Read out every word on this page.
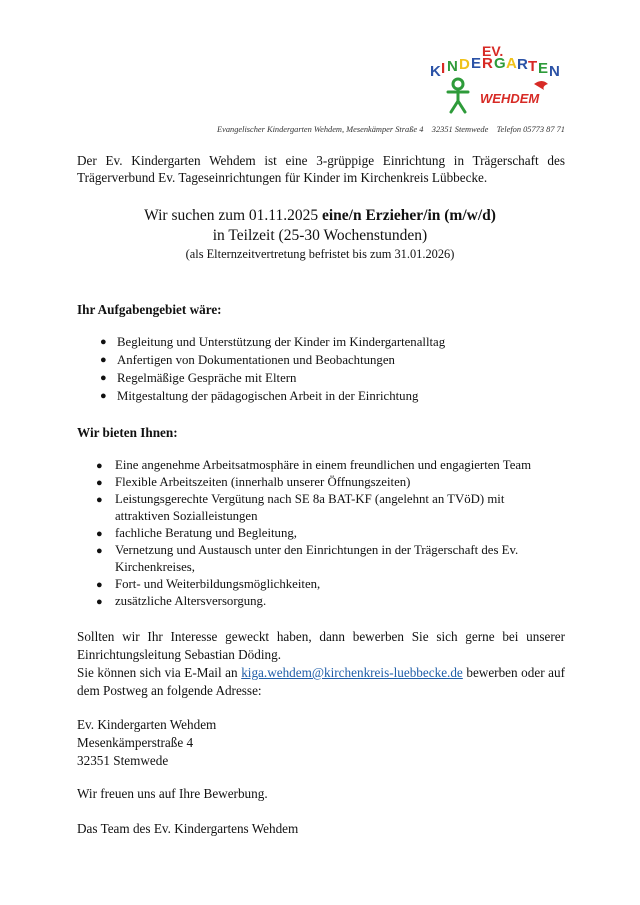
EV.
K I N D E R G A R T E N
WEHDEM
Evangelischer Kindergarten Wehdem, Mesenkämper Straße 4 32351 Stemwede Telefon 05773 87 71
Der Ev. Kindergarten Wehdem ist eine 3-grüppige Einrichtung in Trägerschaft des Trägerverbund Ev. Tageseinrichtungen für Kinder im Kirchenkreis Lübbecke.
Wir suchen zum 01.11.2025 eine/n Erzieher/in (m/w/d)
in Teilzeit (25-30 Wochenstunden)
(als Elternzeitvertretung befristet bis zum 31.01.2026)
Ihr Aufgabengebiet wäre:
● Begleitung und Unterstützung der Kinder im Kindergartenalltag
● Anfertigen von Dokumentationen und Beobachtungen
● Regelmäßige Gespräche mit Eltern
● Mitgestaltung der pädagogischen Arbeit in der Einrichtung
Wir bieten Ihnen:
● Eine angenehme Arbeitsatmosphäre in einem freundlichen und engagierten Team
● Flexible Arbeitszeiten (innerhalb unserer Öffnungszeiten)
● Leistungsgerechte Vergütung nach SE 8a BAT-KF (angelehnt an TVöD) mit attraktiven Sozialleistungen
● fachliche Beratung und Begleitung,
● Vernetzung und Austausch unter den Einrichtungen in der Trägerschaft des Ev. Kirchenkreises,
● Fort- und Weiterbildungsmöglichkeiten,
● zusätzliche Altersversorgung.
Sollten wir Ihr Interesse geweckt haben, dann bewerben Sie sich gerne bei unserer Einrichtungsleitung Sebastian Döding.
Sie können sich via E-Mail an kiga.wehdem@kirchenkreis-luebbecke.de bewerben oder auf dem Postweg an folgende Adresse:
Ev. Kindergarten Wehdem
Mesenkämperstraße 4
32351 Stemwede
Wir freuen uns auf Ihre Bewerbung.
Das Team des Ev. Kindergartens Wehdem
